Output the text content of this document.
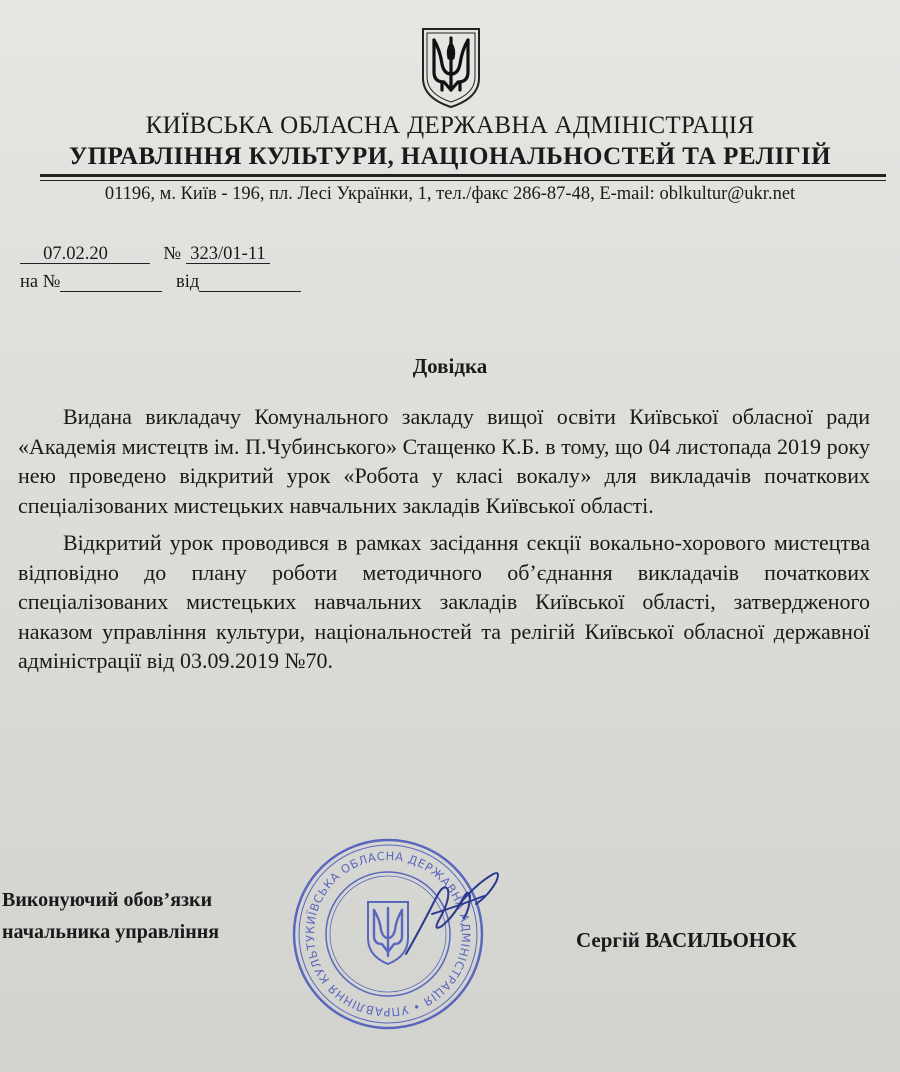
КИЇВСЬКА ОБЛАСНА ДЕРЖАВНА АДМІНІСТРАЦІЯ
УПРАВЛІННЯ КУЛЬТУРИ, НАЦІОНАЛЬНОСТЕЙ ТА РЕЛІГІЙ
01196, м. Київ - 196, пл. Лесі Українки, 1, тел./факс 286-87-48, E-mail: oblkultur@ukr.net
07.02.20	№ 323/01-11
на №	від
Довідка

Видана викладачу Комунального закладу вищої освіти Київської обласної ради «Академія мистецтв ім. П.Чубинського» Стащенко К.Б. в тому, що 04 листопада 2019 року нею проведено відкритий урок «Робота у класі вокалу» для викладачів початкових спеціалізованих мистецьких навчальних закладів Київської області.

Відкритий урок проводився в рамках засідання секції вокально-хорового мистецтва відповідно до плану роботи методичного об’єднання викладачів початкових спеціалізованих мистецьких навчальних закладів Київської області, затвердженого наказом управління культури, національностей та релігій Київської обласної державної адміністрації від 03.09.2019 №70.

Виконуючий обов’язки
начальника управління	КИЇВСЬКА ОБЛАСНА ДЕРЖАВНА АДМІНІСТРАЦІЯ • УПРАВЛІННЯ КУЛЬТУ	Сергій ВАСИЛЬОНОК
